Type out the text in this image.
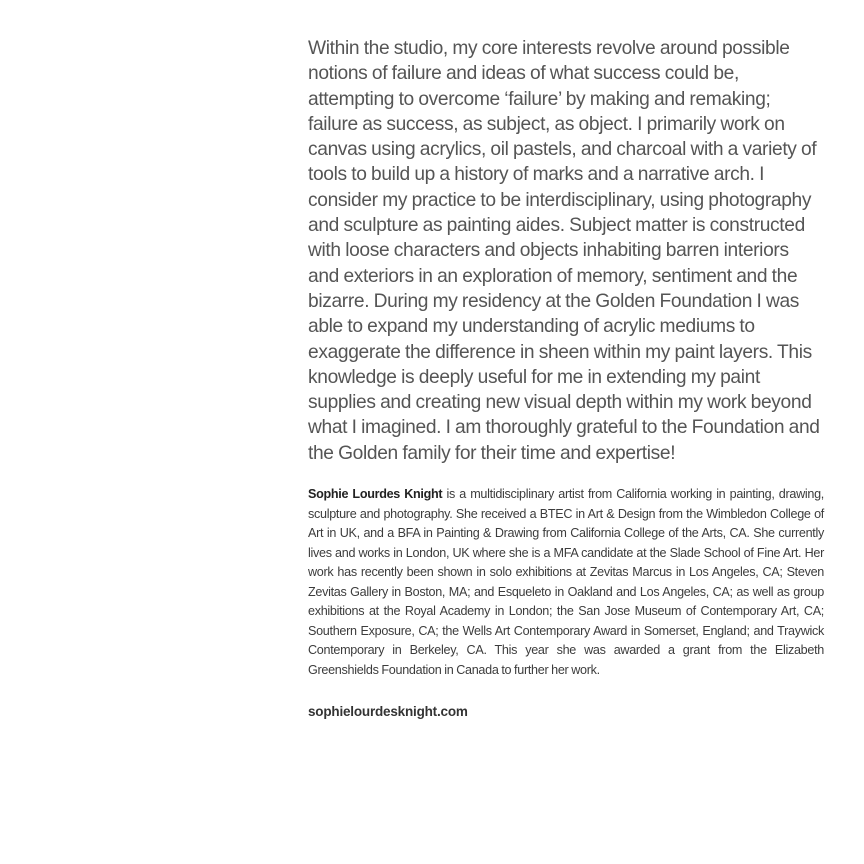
Within the studio, my core interests revolve around possible notions of failure and ideas of what success could be, attempting to overcome ‘failure’ by making and remaking; failure as success, as subject, as object. I primarily work on canvas using acrylics, oil pastels, and charcoal with a variety of tools to build up a history of marks and a narrative arch. I consider my practice to be interdisciplinary, using photography and sculpture as painting aides. Subject matter is constructed with loose characters and objects inhabiting barren interiors and exteriors in an exploration of memory, sentiment and the bizarre. During my residency at the Golden Foundation I was able to expand my understanding of acrylic mediums to exaggerate the difference in sheen within my paint layers. This knowledge is deeply useful for me in extending my paint supplies and creating new visual depth within my work beyond what I imagined. I am thoroughly grateful to the Foundation and the Golden family for their time and expertise!

Sophie Lourdes Knight is a multidisciplinary artist from California working in painting, drawing, sculpture and photography. She received a BTEC in Art & Design from the Wimbledon College of Art in UK, and a BFA in Painting & Drawing from California College of the Arts, CA. She currently lives and works in London, UK where she is a MFA candidate at the Slade School of Fine Art. Her work has recently been shown in solo exhibitions at Zevitas Marcus in Los Angeles, CA; Steven Zevitas Gallery in Boston, MA; and Esqueleto in Oakland and Los Angeles, CA; as well as group exhibitions at the Royal Academy in London; the San Jose Museum of Contemporary Art, CA; Southern Exposure, CA; the Wells Art Contemporary Award in Somerset, England; and Traywick Contemporary in Berkeley, CA. This year she was awarded a grant from the Elizabeth Greenshields Foundation in Canada to further her work.

sophielourdesknight.com
